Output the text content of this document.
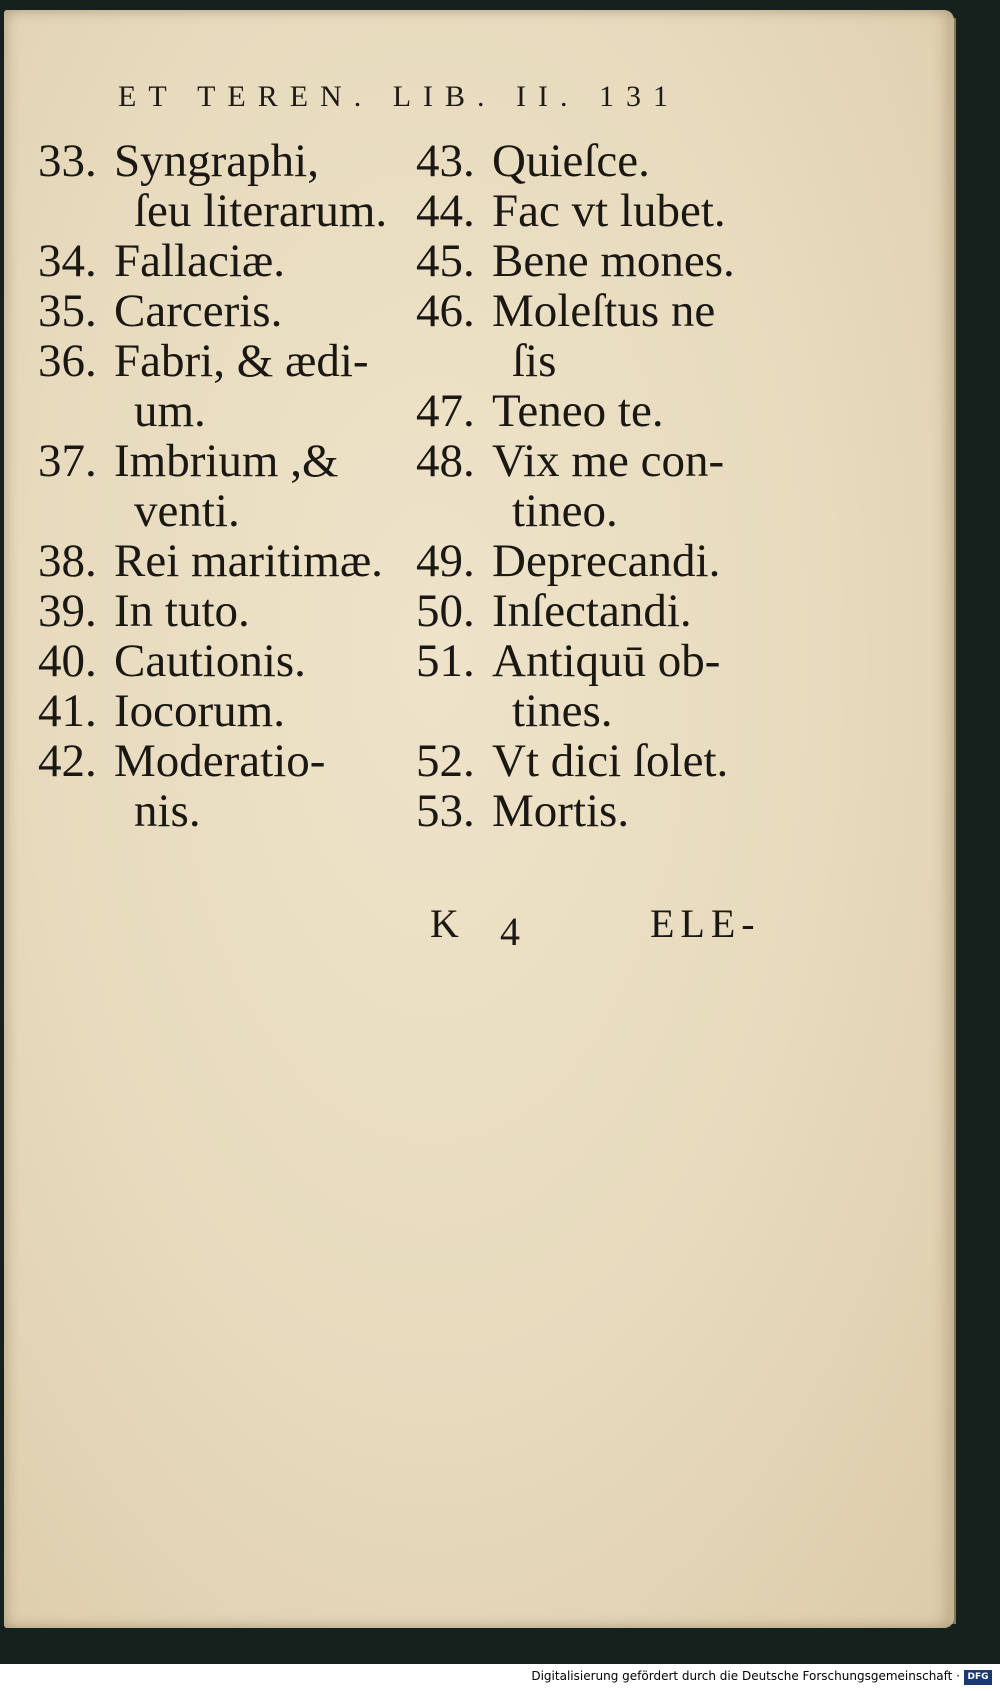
ET TEREN. LIB. II. 131
33. Syngraphi,
ſeu literarum.
34. Fallaciæ.
35. Carceris.
36. Fabri, & ædi-
um.
37. Imbrium ,&
venti.
38. Rei maritimæ.
39. In tuto.
40. Cautionis.
41. Iocorum.
42. Moderatio-
nis.
43. Quieſce.
44. Fac vt lubet.
45. Bene mones.
46. Moleſtus ne
ſis
47. Teneo te.
48. Vix me con-
tineo.
49. Deprecandi.
50. Inſectandi.
51. Antiquū ob-
tines.
52. Vt dici ſolet.
53. Mortis.
K 4	ELE-
Digitalisierung gefördert durch die Deutsche Forschungsgemeinschaft · DFG
